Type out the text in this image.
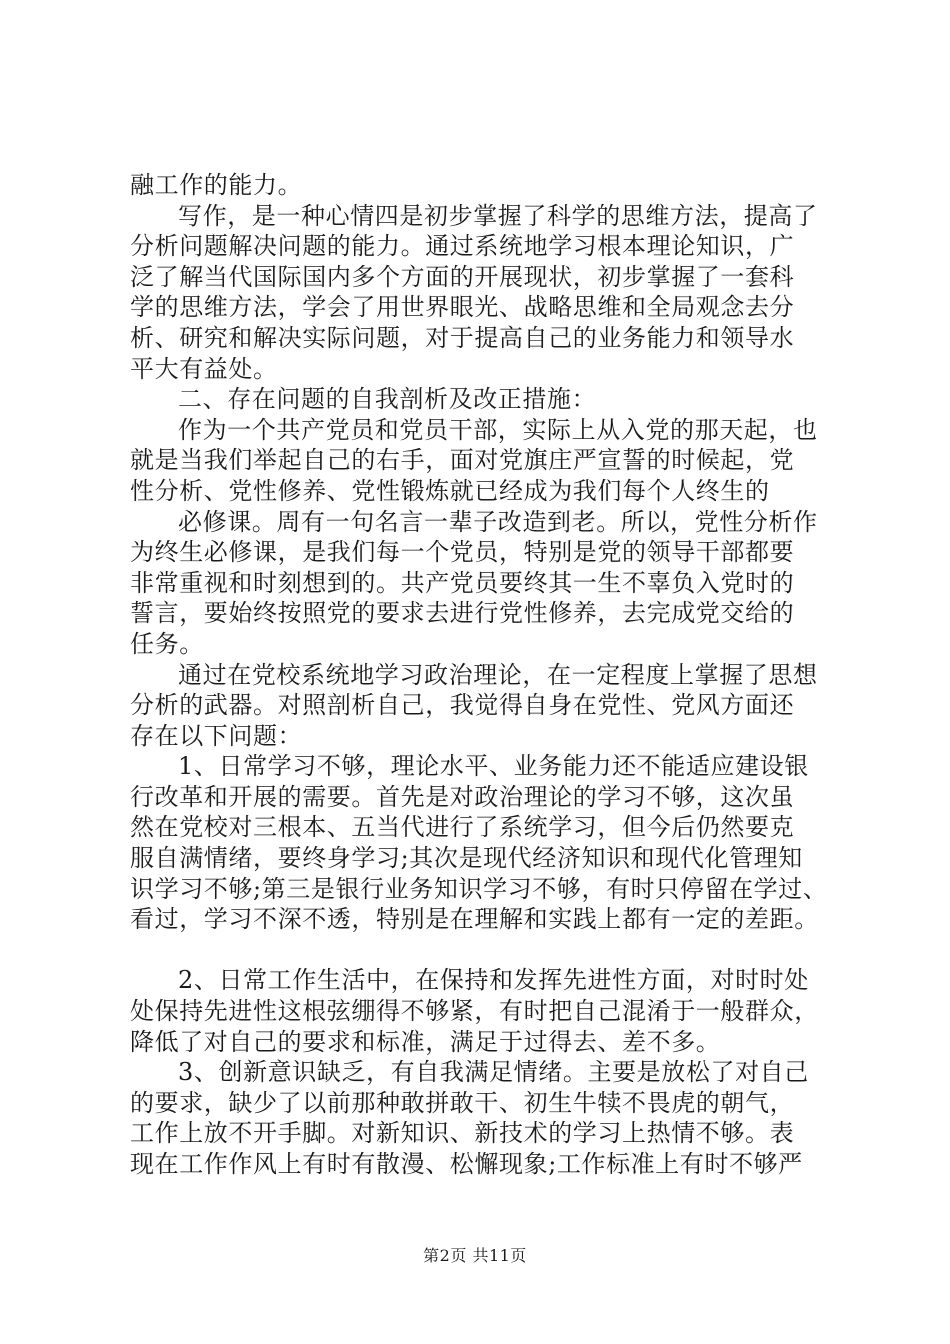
融工作的能力。
写作，是一种心情四是初步掌握了科学的思维方法，提高了
分析问题解决问题的能力。通过系统地学习根本理论知识，广
泛了解当代国际国内多个方面的开展现状，初步掌握了一套科
学的思维方法，学会了用世界眼光、战略思维和全局观念去分
析、研究和解决实际问题，对于提高自己的业务能力和领导水
平大有益处。
二、存在问题的自我剖析及改正措施：
作为一个共产党员和党员干部，实际上从入党的那天起，也
就是当我们举起自己的右手，面对党旗庄严宣誓的时候起，党
性分析、党性修养、党性锻炼就已经成为我们每个人终生的
必修课。周有一句名言一辈子改造到老。所以，党性分析作
为终生必修课，是我们每一个党员，特别是党的领导干部都要
非常重视和时刻想到的。共产党员要终其一生不辜负入党时的
誓言，要始终按照党的要求去进行党性修养，去完成党交给的
任务。
通过在党校系统地学习政治理论，在一定程度上掌握了思想
分析的武器。对照剖析自己，我觉得自身在党性、党风方面还
存在以下问题：
1、日常学习不够，理论水平、业务能力还不能适应建设银
行改革和开展的需要。首先是对政治理论的学习不够，这次虽
然在党校对三根本、五当代进行了系统学习，但今后仍然要克
服自满情绪，要终身学习;其次是现代经济知识和现代化管理知
识学习不够;第三是银行业务知识学习不够，有时只停留在学过、
看过，学习不深不透，特别是在理解和实践上都有一定的差距。
2、日常工作生活中，在保持和发挥先进性方面，对时时处
处保持先进性这根弦绷得不够紧，有时把自己混淆于一般群众，
降低了对自己的要求和标准，满足于过得去、差不多。
3、创新意识缺乏，有自我满足情绪。主要是放松了对自己
的要求，缺少了以前那种敢拼敢干、初生牛犊不畏虎的朝气，
工作上放不开手脚。对新知识、新技术的学习上热情不够。表
现在工作作风上有时有散漫、松懈现象;工作标准上有时不够严
第2页 共11页
